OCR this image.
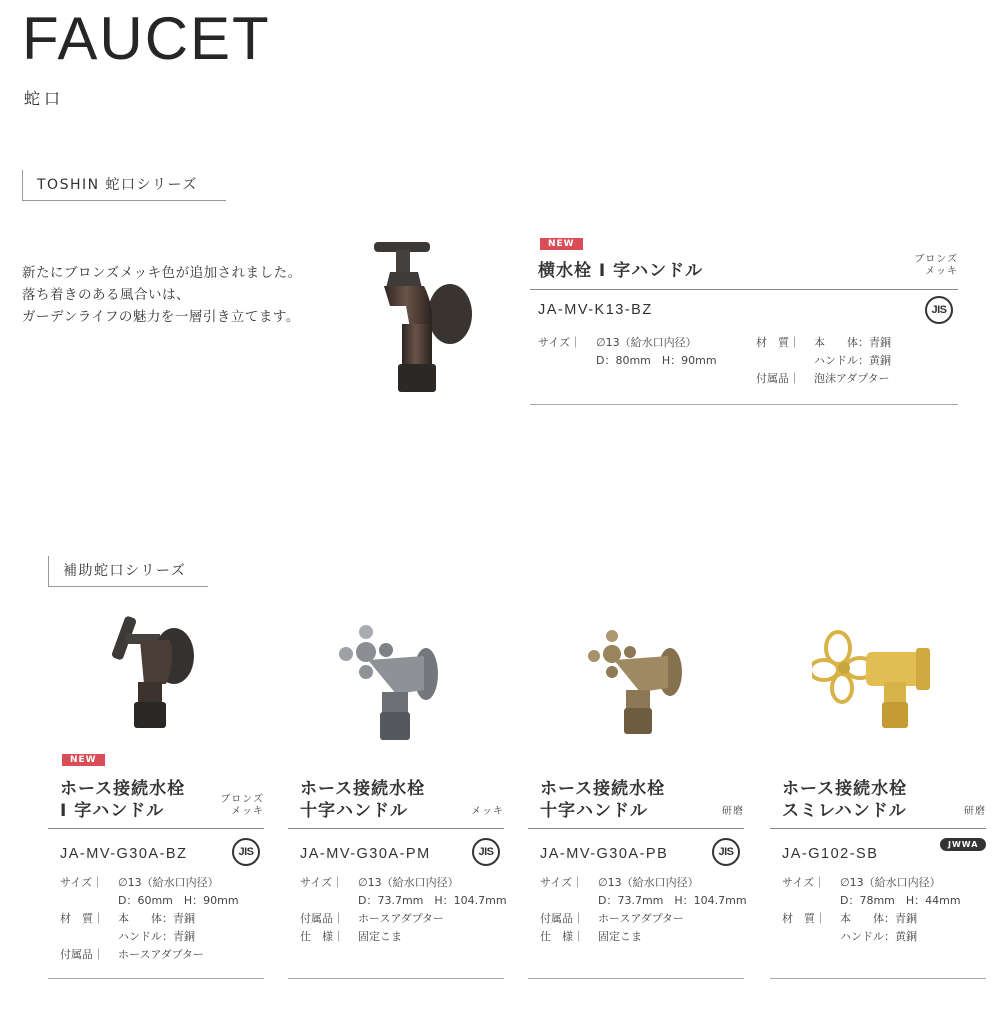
FAUCET
蛇口
TOSHIN 蛇口シリーズ
新たにブロンズメッキ色が追加されました。
落ち着きのある風合いは、
ガーデンライフの魅力を一層引き立てます。
NEW
横水栓 I 字ハンドル
ブロンズ
メッキ
JA-MV-K13-BZ	JIS
サイズ｜	∅13（給水口内径）
D：80mm　H：90mm
材　質｜	本　　体：青銅
ハンドル：黄銅
付属品｜	泡沫アダプター
補助蛇口シリーズ
NEW
ホース接続水栓
I 字ハンドル
ブロンズ
メッキ
JA-MV-G30A-BZ	JIS
サイズ｜	∅13（給水口内径）
D：60mm　H：90mm
材　質｜	本　　体：青銅
ハンドル：青銅
付属品｜	ホースアダプター
ホース接続水栓
十字ハンドル	メッキ
JA-MV-G30A-PM	JIS
サイズ｜	∅13（給水口内径）
D：73.7mm　H：104.7mm
付属品｜	ホースアダプター
仕　様｜	固定こま
ホース接続水栓
十字ハンドル	研磨
JA-MV-G30A-PB	JIS
サイズ｜	∅13（給水口内径）
D：73.7mm　H：104.7mm
付属品｜	ホースアダプター
仕　様｜	固定こま
ホース接続水栓
スミレハンドル	研磨
JA-G102-SB
JWWA
サイズ｜	∅13（給水口内径）
D：78mm　H：44mm
材　質｜	本　　体：青銅
ハンドル：黄銅
